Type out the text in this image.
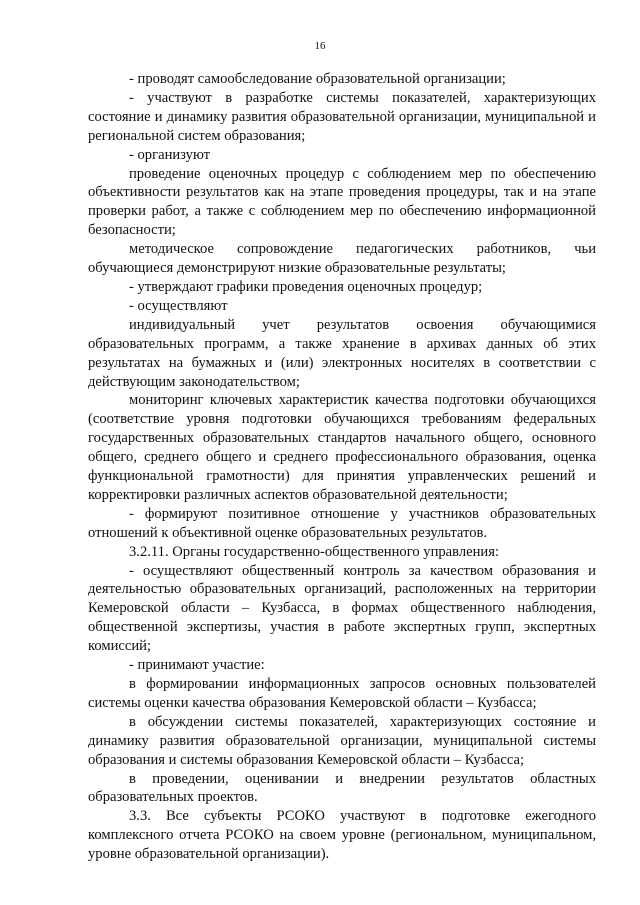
16

- проводят самообследование образовательной организации;

- участвуют в разработке системы показателей, характеризующих состояние и динамику развития образовательной организации, муниципальной и региональной систем образования;

- организуют

проведение оценочных процедур с соблюдением мер по обеспечению объективности результатов как на этапе проведения процедуры, так и на этапе проверки работ, а также с соблюдением мер по обеспечению информационной безопасности;

методическое сопровождение педагогических работников, чьи обучающиеся демонстрируют низкие образовательные результаты;

- утверждают графики проведения оценочных процедур;

- осуществляют

индивидуальный учет результатов освоения обучающимися образовательных программ, а также хранение в архивах данных об этих результатах на бумажных и (или) электронных носителях в соответствии с действующим законодательством;

мониторинг ключевых характеристик качества подготовки обучающихся (соответствие уровня подготовки обучающихся требованиям федеральных государственных образовательных стандартов начального общего, основного общего, среднего общего и среднего профессионального образования, оценка функциональной грамотности) для принятия управленческих решений и корректировки различных аспектов образовательной деятельности;

- формируют позитивное отношение у участников образовательных отношений к объективной оценке образовательных результатов.

3.2.11. Органы государственно-общественного управления:

- осуществляют общественный контроль за качеством образования и деятельностью образовательных организаций, расположенных на территории Кемеровской области – Кузбасса, в формах общественного наблюдения, общественной экспертизы, участия в работе экспертных групп, экспертных комиссий;

- принимают участие:

в формировании информационных запросов основных пользователей системы оценки качества образования Кемеровской области – Кузбасса;

в обсуждении системы показателей, характеризующих состояние и динамику развития образовательной организации, муниципальной системы образования и системы образования Кемеровской области – Кузбасса;

в проведении, оценивании и внедрении результатов областных образовательных проектов.

3.3. Все субъекты РСОКО участвуют в подготовке ежегодного комплексного отчета РСОКО на своем уровне (региональном, муниципальном, уровне образовательной организации).
